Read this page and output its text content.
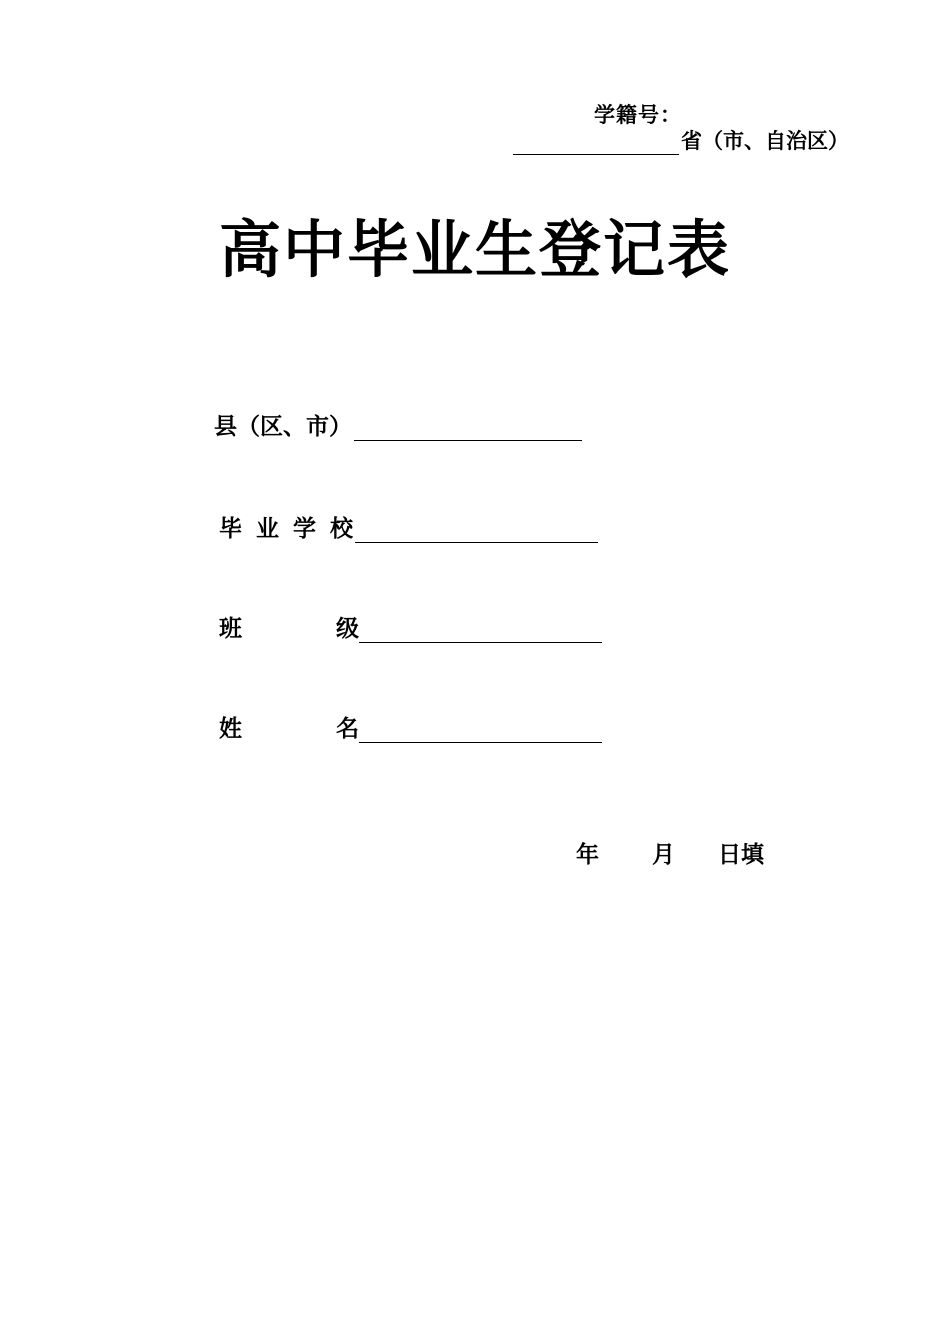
学籍号：
省（市、自治区）
高中毕业生登记表
县（区、市）
毕业学校
班	级
姓	名
年	月	日填
